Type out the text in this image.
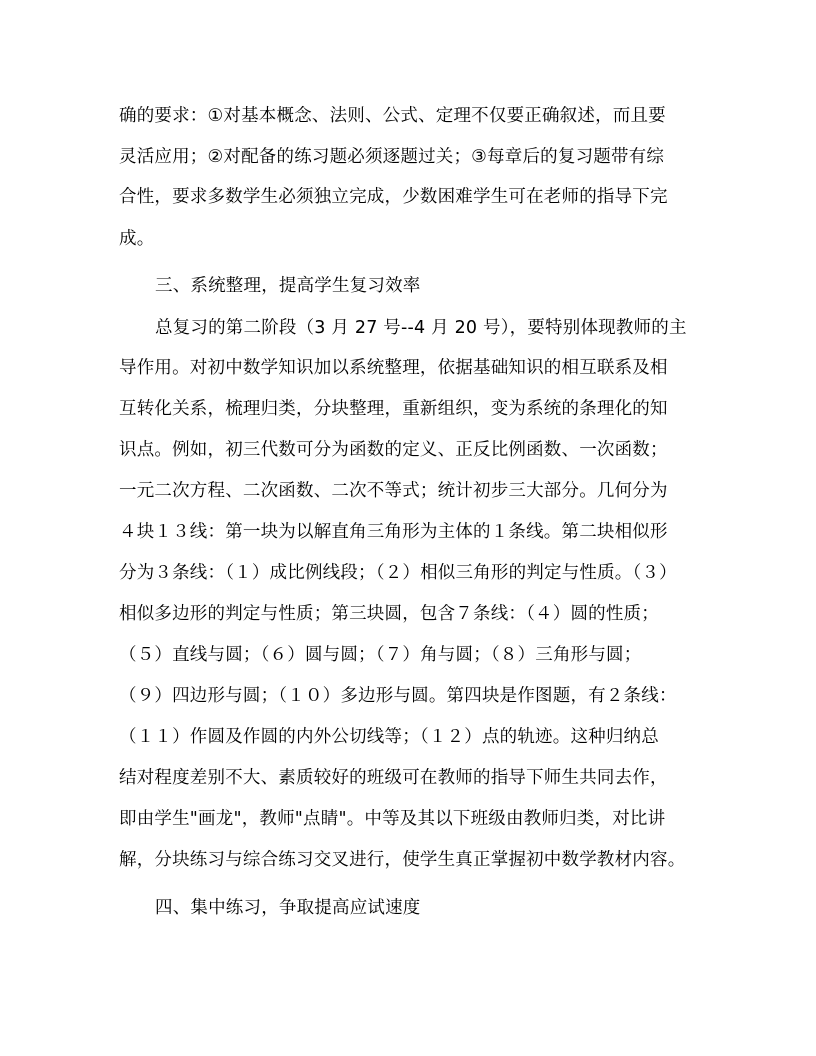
确的要求：①对基本概念、法则、公式、定理不仅要正确叙述，而且要
灵活应用；②对配备的练习题必须逐题过关；③每章后的复习题带有综
合性，要求多数学生必须独立完成，少数困难学生可在老师的指导下完
成。
三、系统整理，提高学生复习效率
总复习的第二阶段（3 月 27 号--4 月 20 号），要特别体现教师的主
导作用。对初中数学知识加以系统整理，依据基础知识的相互联系及相
互转化关系，梳理归类，分块整理，重新组织，变为系统的条理化的知
识点。例如，初三代数可分为函数的定义、正反比例函数、一次函数；
一元二次方程、二次函数、二次不等式；统计初步三大部分。几何分为
４块１３线：第一块为以解直角三角形为主体的１条线。第二块相似形
分为３条线：（１）成比例线段；（２）相似三角形的判定与性质。（３）
相似多边形的判定与性质；第三块圆，包含７条线：（４）圆的性质；
（５）直线与圆；（６）圆与圆；（７）角与圆；（８）三角形与圆；
（９）四边形与圆；（１０）多边形与圆。第四块是作图题，有２条线：
（１１）作圆及作圆的内外公切线等；（１２）点的轨迹。这种归纳总
结对程度差别不大、素质较好的班级可在教师的指导下师生共同去作，
即由学生"画龙"，教师"点睛"。中等及其以下班级由教师归类，对比讲
解，分块练习与综合练习交叉进行，使学生真正掌握初中数学教材内容。
四、集中练习，争取提高应试速度
